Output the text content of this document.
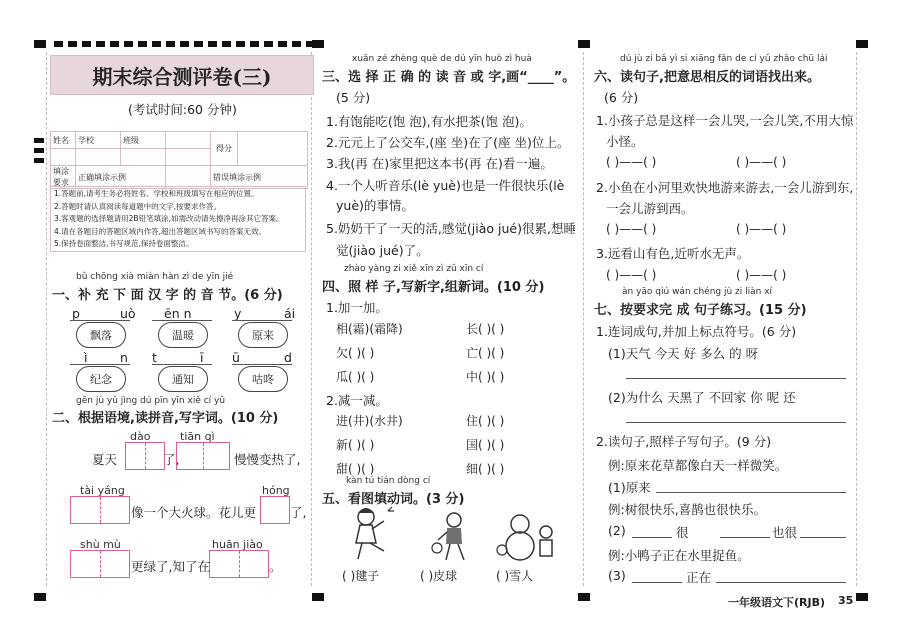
期末综合测评卷(三)
(考试时间:60 分钟)
姓名	学校	班级		得分	

填涂要求	正确填涂示例			错误填涂示例	
1.答题前,请考生务必将姓名、学校和班级填写在相应的位置。
2.答题时请认真阅读每道题中的文字,按要求作答。
3.客观题的选择题请用2B铅笔填涂,如需改动请先擦净再涂其它答案。
4.请在各题目的答题区域内作答,超出答题区域书写的答案无效。
5.保持卷面整洁,书写规范,保持卷面整洁。
bǔ chōng xià miàn hàn zì de yīn jié
一、补 充 下 面 汉 字 的 音 节。(6 分)
p	uò ēn n	y	ái
飘落	温暖	原来
ì	n t	ī ū	d
纪念	通知	咕咚
gēn jù yǔ jìng dú pīn yīn xiě cí yǔ
二、根据语境,读拼音,写字词。(10 分)
dào	tiān qì
夏天	了,	慢慢变热了,
tài yáng	hóng
像一个大火球。花儿更	了,
shù mù	huān jiào
更绿了,知了在	。
xuǎn zé zhèng què de dú yīn huò zì huà
三、选 择 正 确 的 读 音 或 字,画“____”。
(5 分)
1.有饱能吃(饱 泡),有水把茶(饱 泡)。
2.元元上了公交车,(座 坐)在了(座 坐)位上。
3.我(再 在)家里把这本书(再 在)看一遍。
4.一个人听音乐(lè yuè)也是一件很快乐(lè
yuè)的事情。
5.奶奶干了一天的活,感觉(jiào jué)很累,想睡
觉(jiào jué)了。
zhào yàng zi xiě xīn zì zǔ xīn cí
四、照 样 子,写新字,组新词。(10 分)
1.加一加。
相(霜)(霜降)	长( )( )
欠( )( )	亡( )( )
瓜( )( )	中( )( )
2.减一减。
进(井)(水井)	住( )( )
新( )( )	国( )( )
甜( )( )	细( )( )
kàn tú tián dòng cí
五、看图填动词。(3 分)
( )毽子	( )皮球	( )雪人
dú jù zi bǎ yì si xiāng fǎn de cí yǔ zhǎo chū lái
六、读句子,把意思相反的词语找出来。
(6 分)
1.小孩子总是这样一会儿哭,一会儿笑,不用大惊
小怪。
( )——( )	( )——( )
2.小鱼在小河里欢快地游来游去,一会儿游到东,
一会儿游到西。
( )——( )	( )——( )
3.远看山有色,近听水无声。
( )——( )	( )——( )
àn yāo qiú wán chéng jù zi liàn xí
七、按要求完 成 句子练习。(15 分)
1.连词成句,并加上标点符号。(6 分)
(1)天气 今天 好 多么 的 呀
(2)为什么 天黑了 不回家 你 呢 还
2.读句子,照样子写句子。(9 分)
例:原来花草都像白天一样微笑。
(1)原来
例:树很快乐,喜鹊也很快乐。
(2)	很	也很
例:小鸭子正在水里捉鱼。
(3)	正在
一年级语文下(RJB) 35
